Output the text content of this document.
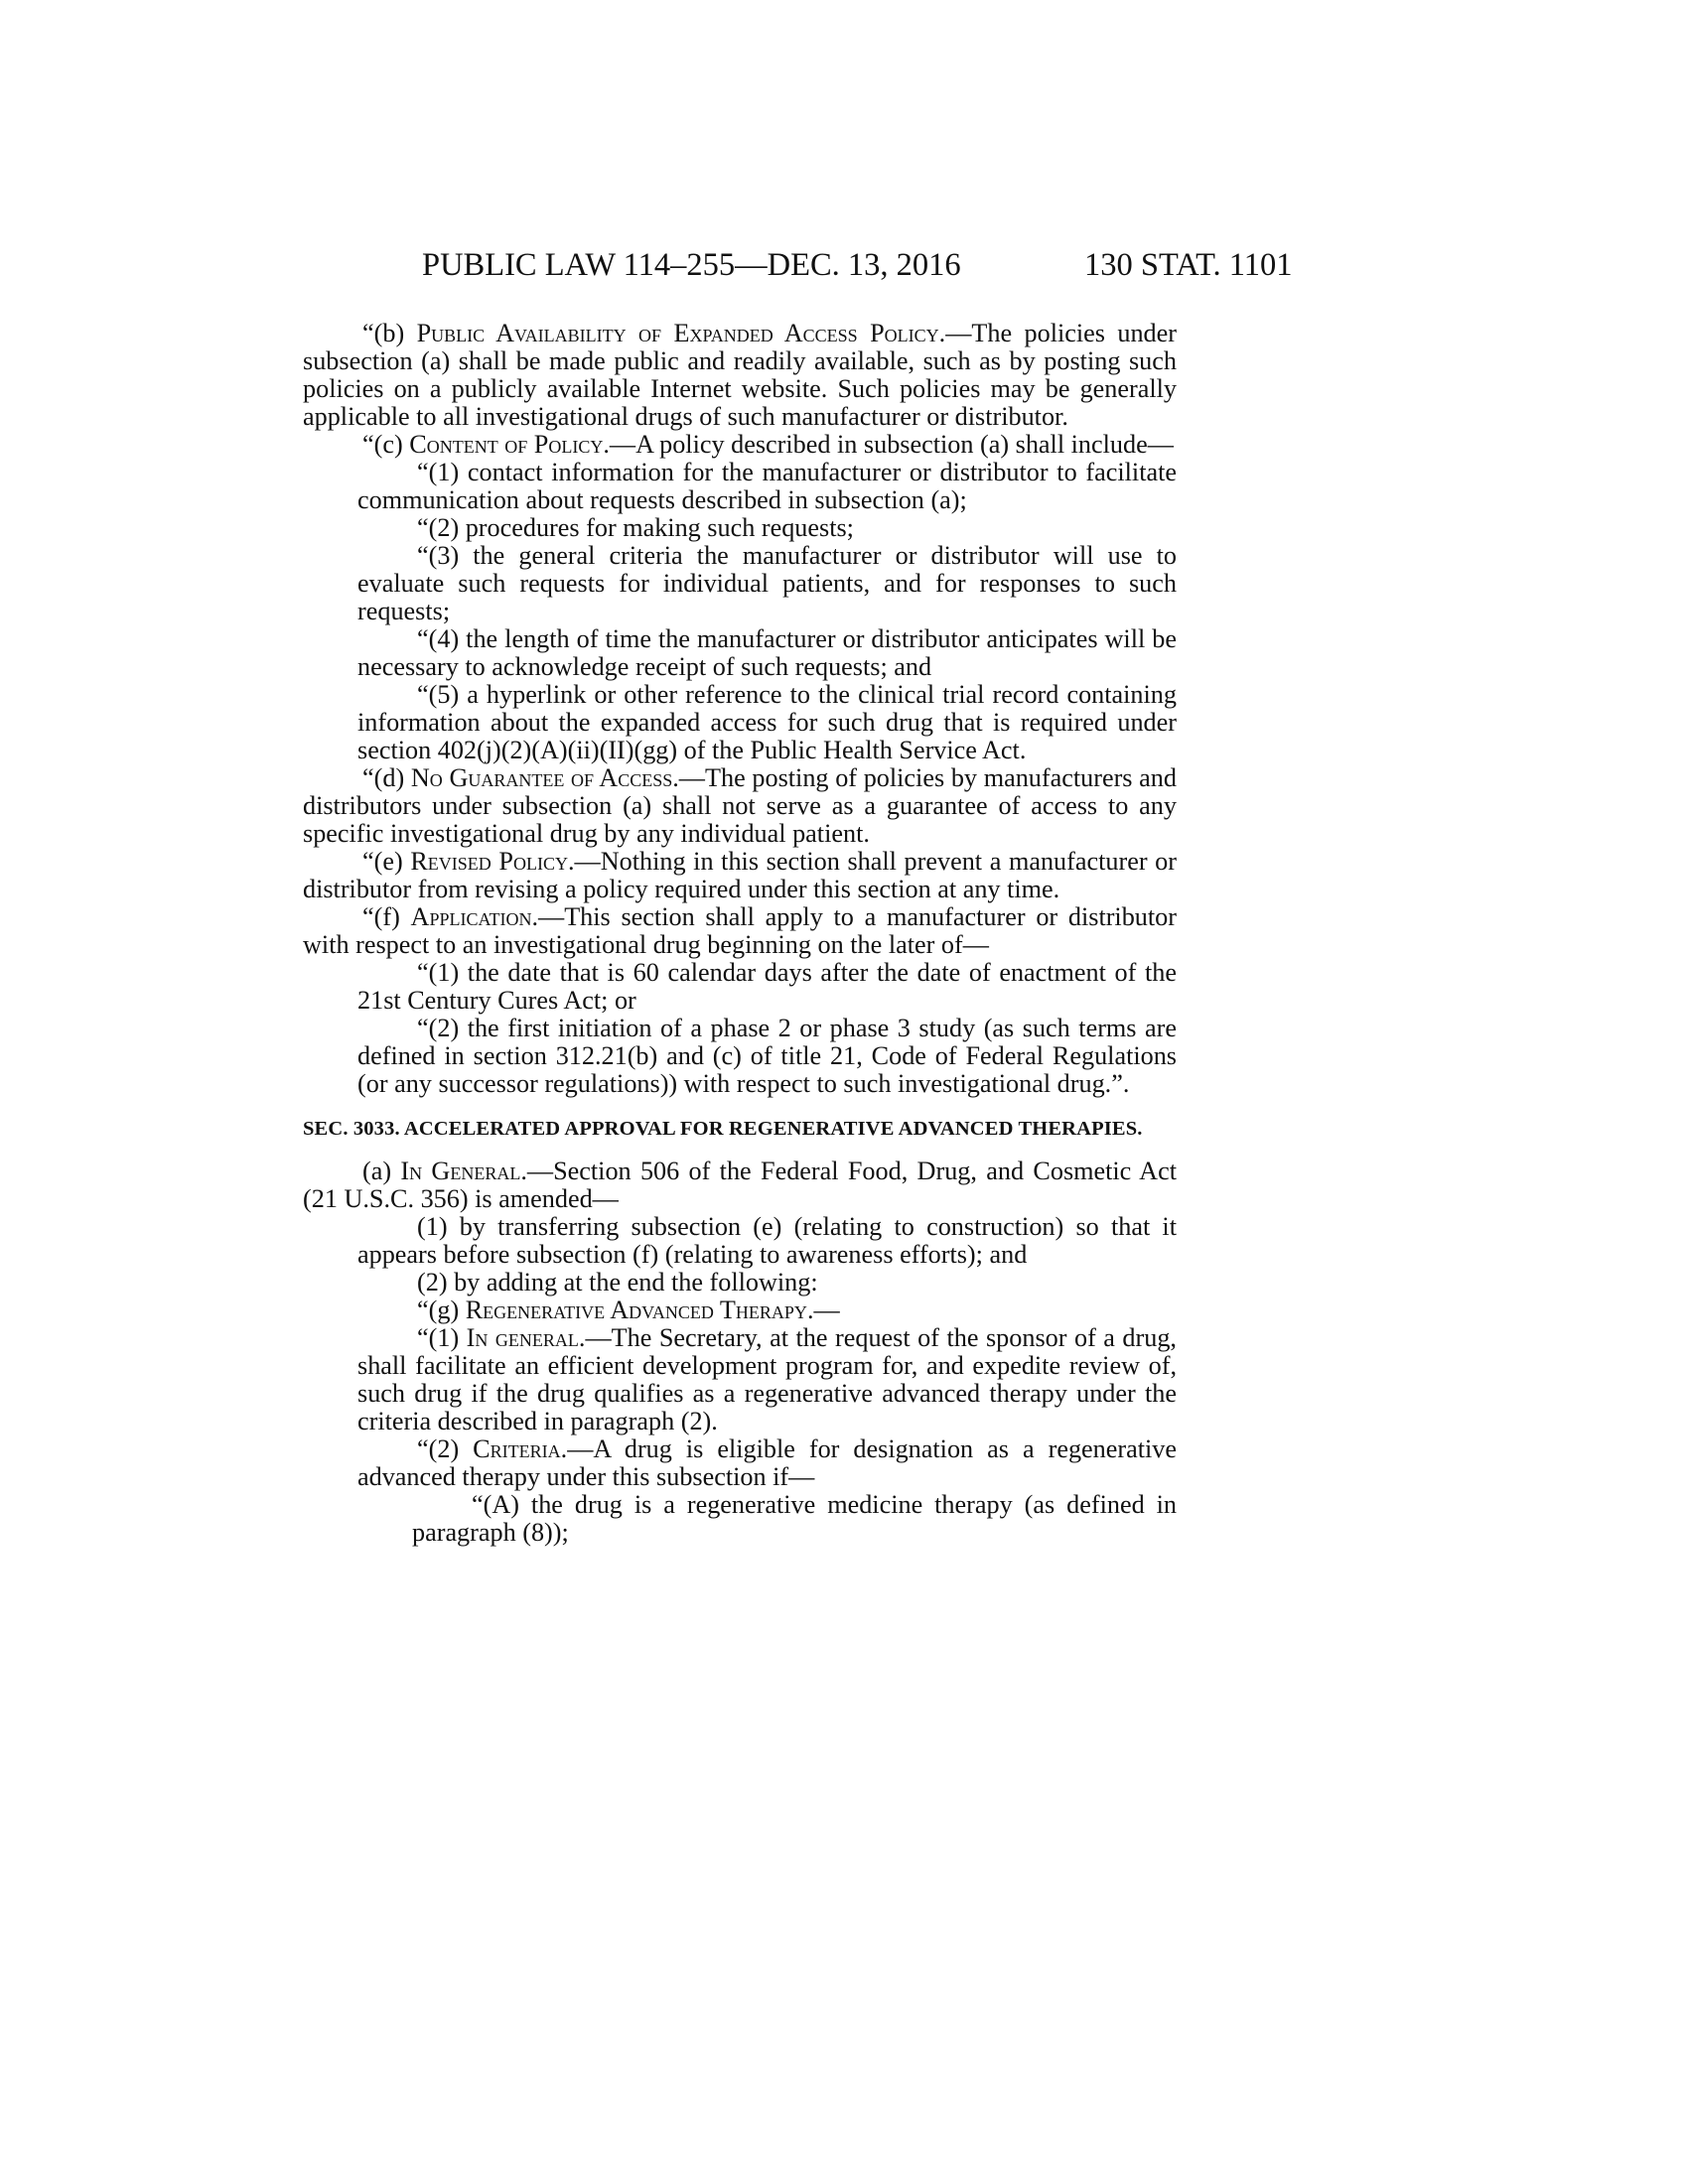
PUBLIC LAW 114–255—DEC. 13, 2016	130 STAT. 1101

“(b) Public Availability of Expanded Access Policy.—The policies under subsection (a) shall be made public and readily available, such as by posting such policies on a publicly available Internet website. Such policies may be generally applicable to all investigational drugs of such manufacturer or distributor.

“(c) Content of Policy.—A policy described in subsection (a) shall include—

“(1) contact information for the manufacturer or distributor to facilitate communication about requests described in subsection (a);

“(2) procedures for making such requests;

“(3) the general criteria the manufacturer or distributor will use to evaluate such requests for individual patients, and for responses to such requests;

“(4) the length of time the manufacturer or distributor anticipates will be necessary to acknowledge receipt of such requests; and

“(5) a hyperlink or other reference to the clinical trial record containing information about the expanded access for such drug that is required under section 402(j)(2)(A)(ii)(II)(gg) of the Public Health Service Act.

“(d) No Guarantee of Access.—The posting of policies by manufacturers and distributors under subsection (a) shall not serve as a guarantee of access to any specific investigational drug by any individual patient.

“(e) Revised Policy.—Nothing in this section shall prevent a manufacturer or distributor from revising a policy required under this section at any time.

“(f) Application.—This section shall apply to a manufacturer or distributor with respect to an investigational drug beginning on the later of—

“(1) the date that is 60 calendar days after the date of enactment of the 21st Century Cures Act; or

“(2) the first initiation of a phase 2 or phase 3 study (as such terms are defined in section 312.21(b) and (c) of title 21, Code of Federal Regulations (or any successor regulations)) with respect to such investigational drug.”.

SEC. 3033. ACCELERATED APPROVAL FOR REGENERATIVE ADVANCED THERAPIES.

(a) In General.—Section 506 of the Federal Food, Drug, and Cosmetic Act (21 U.S.C. 356) is amended—

(1) by transferring subsection (e) (relating to construction) so that it appears before subsection (f) (relating to awareness efforts); and

(2) by adding at the end the following:

“(g) Regenerative Advanced Therapy.—

“(1) In general.—The Secretary, at the request of the sponsor of a drug, shall facilitate an efficient development program for, and expedite review of, such drug if the drug qualifies as a regenerative advanced therapy under the criteria described in paragraph (2).

“(2) Criteria.—A drug is eligible for designation as a regenerative advanced therapy under this subsection if—

“(A) the drug is a regenerative medicine therapy (as defined in paragraph (8));
